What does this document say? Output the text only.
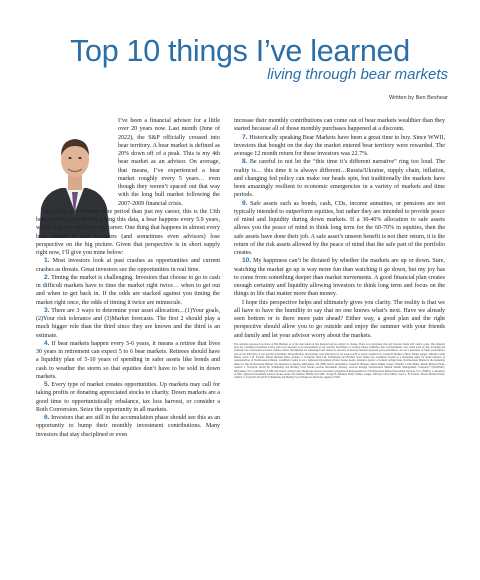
Top 10 things I’ve learned
living through bear markets
Written by Ben Beshear

I’ve been a financial advisor for a little over 20 years now. Last month (June of 2022), the S&P officially crossed into bear territory. A bear market is defined as 20% down off of a peak. This is my 4th bear market as an advisor. On average, that means, I’ve experienced a bear market roughly every 5 years… even though they weren’t spaced out that way with the long bull market following the 2007-2009 financial crisis.

As I look at a broader time period than just my career, this is the 13th bear market since WWII. Using this data, a bear happens every 5.9 years, which is pretty similar to my career. One thing that happens in almost every bear market is that investors (and sometimes even advisors) lose perspective on the big picture. Given that perspective is in short supply right now, I’ll give you mine below:

1. Most investors look at past crashes as opportunities and current crashes as threats. Great investors see the opportunities in real time.

2. Timing the market is challenging. Investors that choose to go to cash in difficult markets have to time the market right twice… when to get out and when to get back in. If the odds are stacked against you timing the market right once, the odds of timing it twice are minuscule.

3. There are 3 ways to determine your asset allocation…(1)Your goals, (2)Your risk tolerance and (3)Market forecasts. The first 2 should play a much bigger role than the third since they are known and the third is an estimate.

4. If bear markets happen every 5-6 years, it means a retiree that lives 30 years in retirement can expect 5 to 6 bear markets. Retirees should have a liquidity plan of 5-10 years of spending in safer assets like bonds and cash to weather the storm so that equities don’t have to be sold in down markets.

5. Every type of market creates opportunities. Up markets may call for taking profits or donating appreciated stocks to charity. Down markets are a good time to opportunistically rebalance, tax loss harvest, or consider a Roth Conversion. Seize the opportunity in all markets.

6. Investors that are still in the accumulation phase should see this as an opportunity to bump their monthly investment contributions. Many investors that stay disciplined or even

increase their monthly contributions can come out of bear markets wealthier than they started because all of those monthly purchases happened at a discount.

7. Historically speaking Bear Markets have been a great time to buy. Since WWII, investors that bought on the day the market entered bear territory were rewarded. The average 12 month return for these investors was 22.7%.

8. Be careful to not let the “this time it’s different narrative” ring too loud. The reality is… this time it is always different…Russia/Ukraine, supply chain, inflation, and changing fed policy can make our heads spin, but traditionally the markets have been amazingly resilient to economic emergencies in a variety of markets and time periods.

9. Safe assets such as bonds, cash, CDs, income annuities, or pensions are not typically intended to outperform equities, but rather they are intended to provide peace of mind and liquidity during down markets. If a 30-40% allocation to safe assets allows you the peace of mind to think long term for the 60-70% in equities, then the safe assets have done their job. A safe asset’s unseen benefit is not their return, it is the return of the risk assets allowed by the peace of mind that the safe part of the portfolio creates.

10. My happiness can’t be dictated by whether the markets are up or down. Sure, watching the market go up is way more fun than watching it go down, but my joy has to come from something deeper than market movements. A good financial plan creates enough certainty and liquidity allowing investors to think long term and focus on the things in life that matter more than money.

I hope this perspective helps and ultimately gives you clarity. The reality is that we all have to have the humility to say that no one knows what’s next. Have we already seen bottom or is there more pain ahead? Either way, a good plan and the right perspective should allow you to go outside and enjoy the summer with your friends and family and let your advisor worry about the markets.

The opinions expressed are those of Ben Beshear as of the date stated on this material and are subject to change. There is no guarantee that any forecasts made will come to pass. This material does not constitute investment advice and is not intended as an endorsement of any specific investment or security. Please remember that all investments carry some level of risk, including the potential loss of principal invested. Indexes and/or benchmarks are unmanaged and cannot be invested in directly. Returns represent past performance, are not a guarantee of future performance and are not indicative of any specific investment. Diversification and strategic asset allocation do not assure profit or protect against loss. Joseph B. Beshear, Marty Walker Geiger, Timothy Carlin Miller, Jason J. B. Yeckoli, Dustin Michael Parks, Andrew J. Scarpichi, David M. Schmiesing and Bradley Scott Weeks use LionMark Capital as a marketing name for doing business as representatives of Northwestern Mutual. LionMark Capital is not a registered investment adviser, broker-dealer, insurance agency or federal savings bank. Northwestern Mutual is the marketing name for The Northwestern Mutual Life Insurance Company, Milwaukee, WI (NM) and its subsidiaries. Joseph B. Beshear, Marty Walker Geiger, Timothy Carlin Miller, Dustin Michael Parks, Andrew J. Scarpichi, David M. Schmiesing and Bradley Scott Weeks provide investment advisory services through Northwestern Mutual Wealth Management Company® (NMWMC), Milwaukee, WI, a subsidiary of NM and federal savings bank. Brokerage services provided as Registered Representatives of Northwestern Mutual Investment Services, LLC (NMIS), a subsidiary of NM, registered investment adviser, broker-dealer and member FINRA and SIPC. Joseph B. Beshear, Marty Walker Geiger, Timothy Carlin Miller, Jason J. B. Yeckoli, Dustin Michael Parks, Andrew J. Scarpichi, David M. Schmiesing and Bradley Scott Weeks are Insurance Agents of NM.
